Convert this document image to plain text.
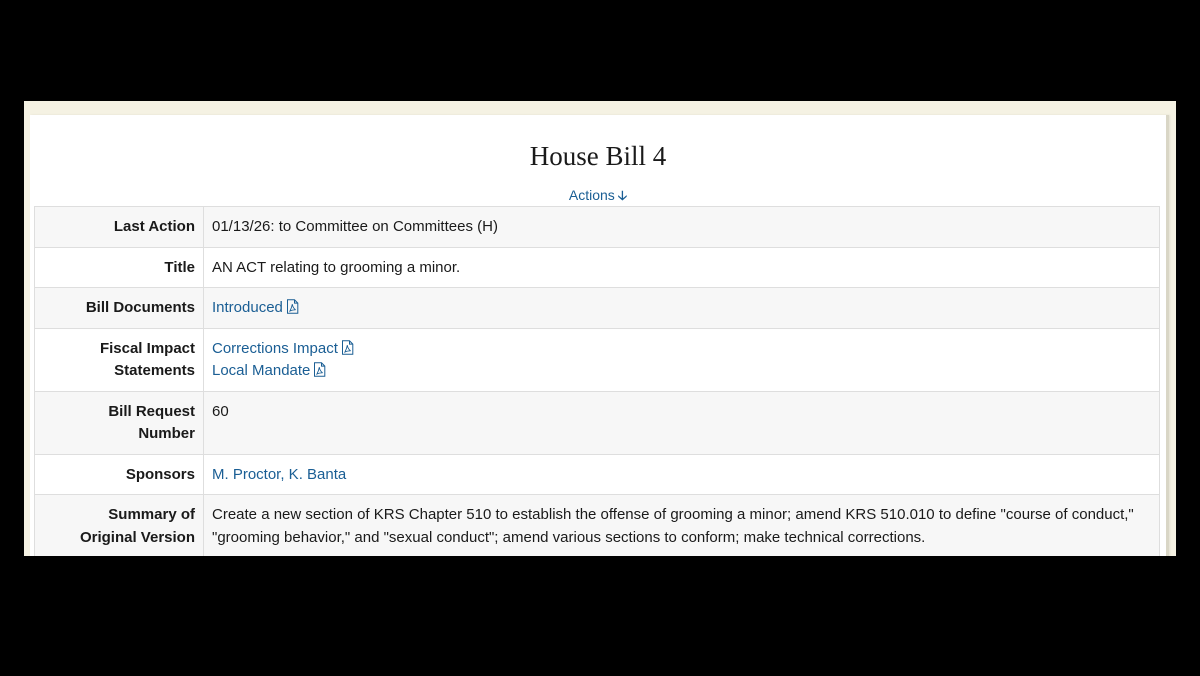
House Bill 4
Actions 🡣
Last Action	01/13/26: to Committee on Committees (H)
Title	AN ACT relating to grooming a minor.
Bill Documents	Introduced
Fiscal Impact
Statements	Corrections Impact
Local Mandate
Bill Request
Number	60
Sponsors	M. Proctor, K. Banta
Summary of
Original Version	Create a new section of KRS Chapter 510 to establish the offense of grooming a minor; amend KRS 510.010 to define "course of conduct," "grooming behavior," and "sexual conduct"; amend various sections to conform; make technical corrections.
